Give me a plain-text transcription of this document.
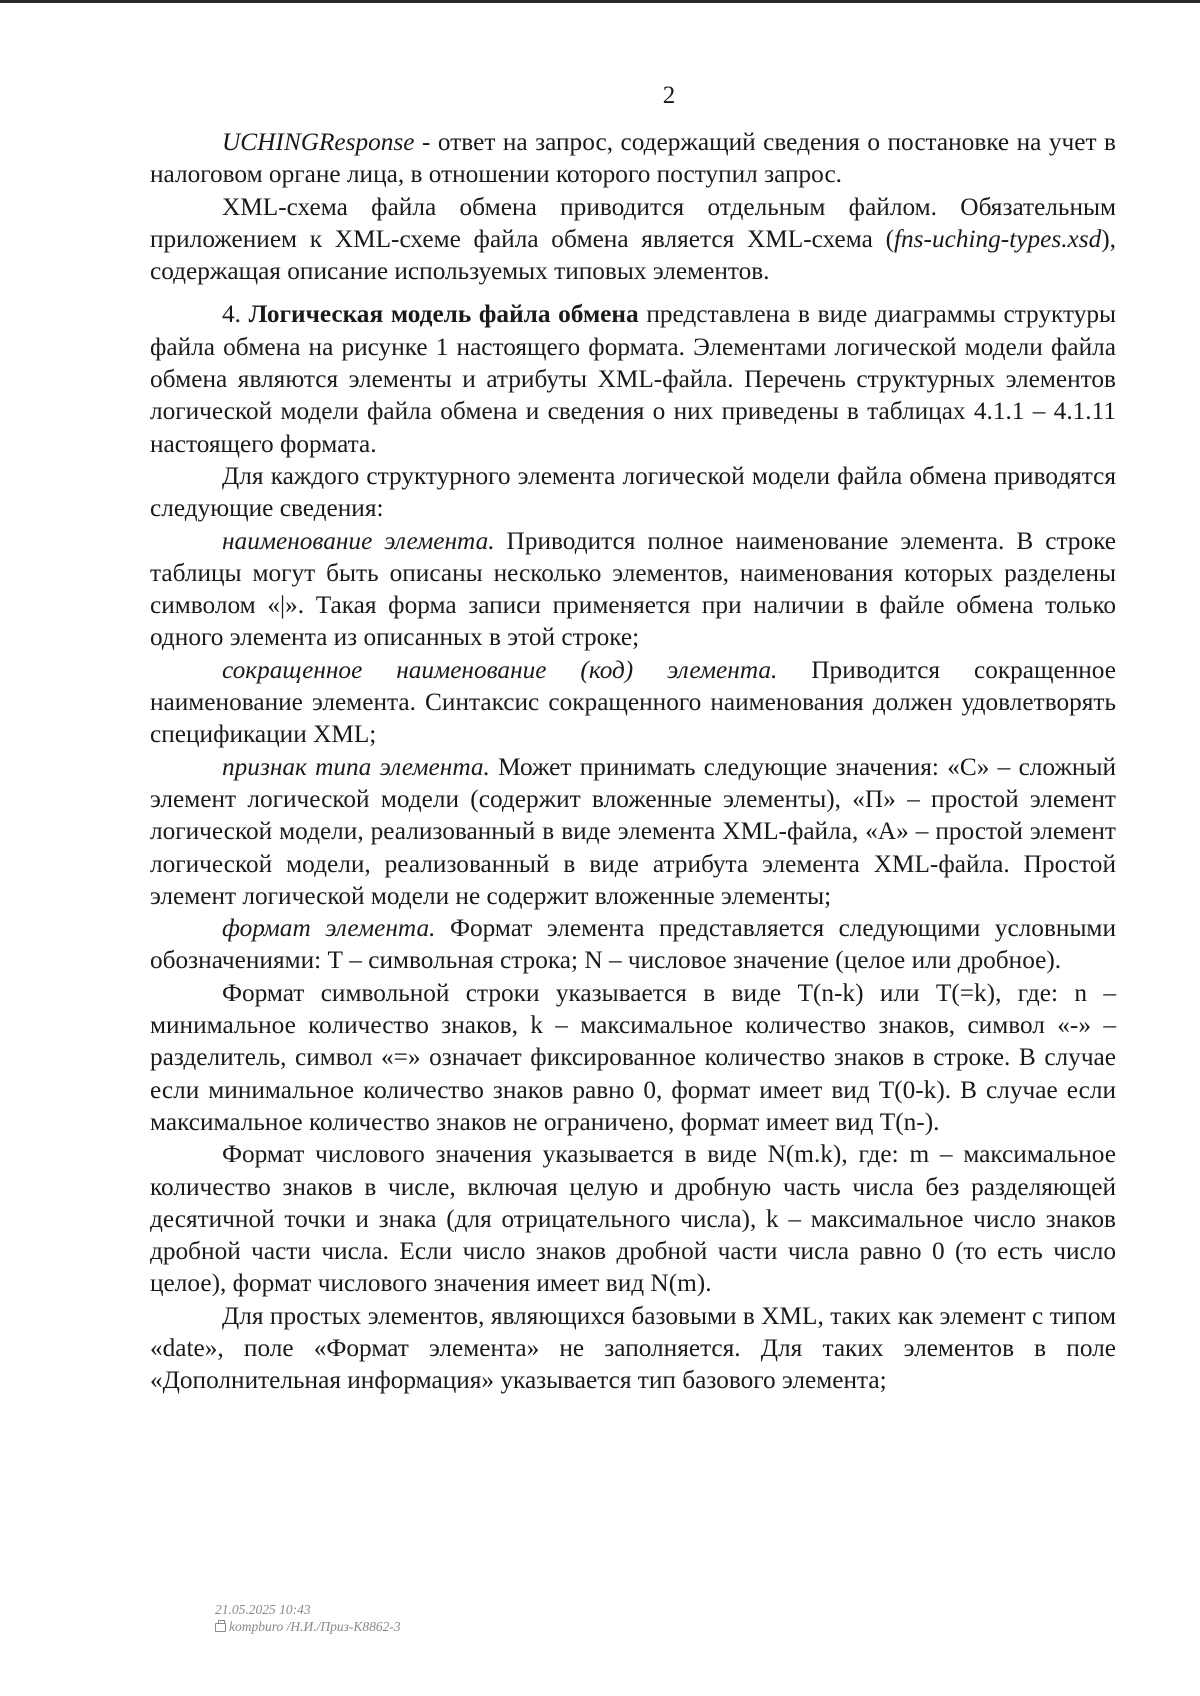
2

UCHINGResponse - ответ на запрос, содержащий сведения о постановке на учет в налоговом органе лица, в отношении которого поступил запрос.

XML-схема файла обмена приводится отдельным файлом. Обязательным приложением к XML-схеме файла обмена является XML-схема (fns-uching-types.xsd), содержащая описание используемых типовых элементов.

4. Логическая модель файла обмена представлена в виде диаграммы структуры файла обмена на рисунке 1 настоящего формата. Элементами логической модели файла обмена являются элементы и атрибуты XML-файла. Перечень структурных элементов логической модели файла обмена и сведения о них приведены в таблицах 4.1.1 – 4.1.11 настоящего формата.

Для каждого структурного элемента логической модели файла обмена приводятся следующие сведения:

наименование элемента. Приводится полное наименование элемента. В строке таблицы могут быть описаны несколько элементов, наименования которых разделены символом «|». Такая форма записи применяется при наличии в файле обмена только одного элемента из описанных в этой строке;

сокращенное наименование (код) элемента. Приводится сокращенное наименование элемента. Синтаксис сокращенного наименования должен удовлетворять спецификации XML;

признак типа элемента. Может принимать следующие значения: «С» – сложный элемент логической модели (содержит вложенные элементы), «П» – простой элемент логической модели, реализованный в виде элемента XML-файла, «А» – простой элемент логической модели, реализованный в виде атрибута элемента XML-файла. Простой элемент логической модели не содержит вложенные элементы;

формат элемента. Формат элемента представляется следующими условными обозначениями: Т – символьная строка; N – числовое значение (целое или дробное).

Формат символьной строки указывается в виде Т(n-k) или Т(=k), где: n – минимальное количество знаков, k – максимальное количество знаков, символ «-» – разделитель, символ «=» означает фиксированное количество знаков в строке. В случае если минимальное количество знаков равно 0, формат имеет вид Т(0-k). В случае если максимальное количество знаков не ограничено, формат имеет вид Т(n-).

Формат числового значения указывается в виде N(m.k), где: m – максимальное количество знаков в числе, включая целую и дробную часть числа без разделяющей десятичной точки и знака (для отрицательного числа), k – максимальное число знаков дробной части числа. Если число знаков дробной части числа равно 0 (то есть число целое), формат числового значения имеет вид N(m).

Для простых элементов, являющихся базовыми в XML, таких как элемент с типом «date», поле «Формат элемента» не заполняется. Для таких элементов в поле «Дополнительная информация» указывается тип базового элемента;

21.05.2025 10:43
kompburo /Н.И./Приз-К8862-3
